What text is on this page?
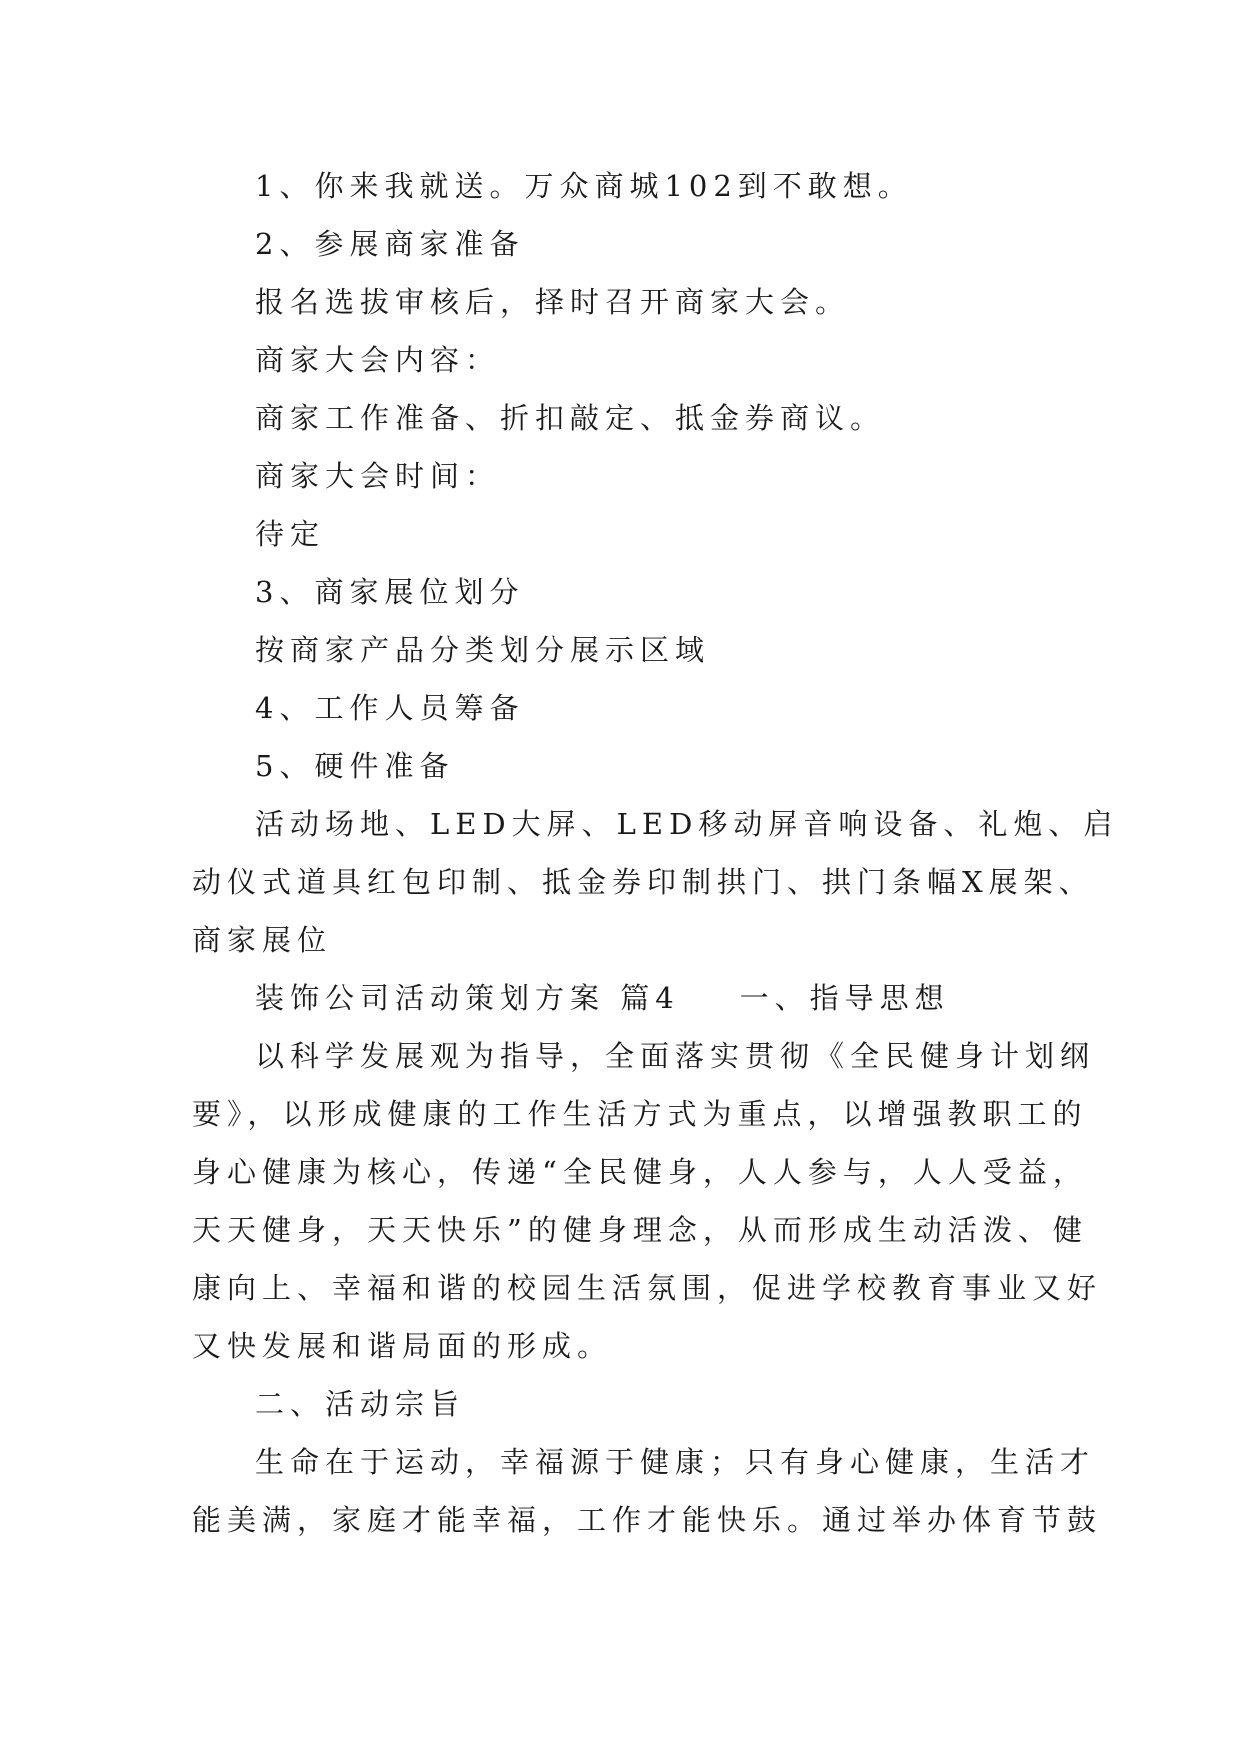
1、你来我就送。万众商城102到不敢想。
2、参展商家准备
报名选拔审核后，择时召开商家大会。
商家大会内容：
商家工作准备、折扣敲定、抵金券商议。
商家大会时间：
待定
3、商家展位划分
按商家产品分类划分展示区域
4、工作人员筹备
5、硬件准备
活动场地、LED大屏、LED移动屏音响设备、礼炮、启
动仪式道具红包印制、抵金券印制拱门、拱门条幅X展架、
商家展位
装饰公司活动策划方案 篇4 一、指导思想
以科学发展观为指导，全面落实贯彻《全民健身计划纲
要》，以形成健康的工作生活方式为重点，以增强教职工的
身心健康为核心，传递“全民健身，人人参与，人人受益，
天天健身，天天快乐”的健身理念，从而形成生动活泼、健
康向上、幸福和谐的校园生活氛围，促进学校教育事业又好
又快发展和谐局面的形成。
二、活动宗旨
生命在于运动，幸福源于健康；只有身心健康，生活才
能美满，家庭才能幸福，工作才能快乐。通过举办体育节鼓
